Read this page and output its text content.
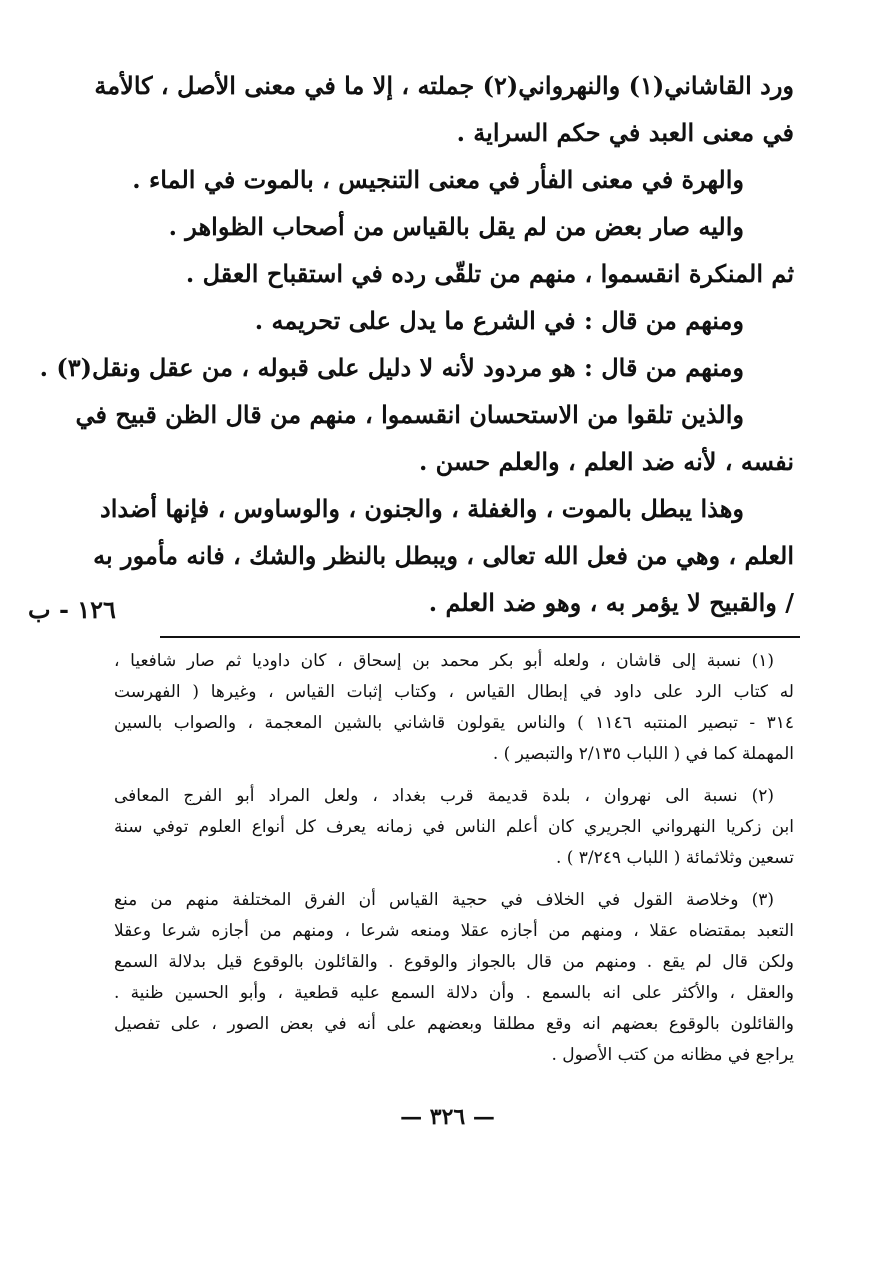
ورد القاشاني(١) والنهرواني(٢) جملته ، إلا ما في معنى الأصل ، كالأمة
في معنى العبد في حكم السراية .
والهرة في معنى الفأر في معنى التنجيس ، بالموت في الماء .
واليه صار بعض من لم يقل بالقياس من أصحاب الظواهر .
ثم المنكرة انقسموا ، منهم من تلقّى رده في استقباح العقل .
ومنهم من قال : في الشرع ما يدل على تحريمه .
ومنهم من قال : هو مردود لأنه لا دليل على قبوله ، من عقل ونقل(٣) .
والذين تلقوا من الاستحسان انقسموا ، منهم من قال الظن قبيح في
نفسه ، لأنه ضد العلم ، والعلم حسن .
وهذا يبطل بالموت ، والغفلة ، والجنون ، والوساوس ، فإنها أضداد
العلم ، وهي من فعل الله تعالى ، ويبطل بالنظر والشك ، فانه مأمور به
/ والقبيح لا يؤمر به ، وهو ضد العلم .
١٢٦ - ب
(١) نسبة إلى قاشان ، ولعله أبو بكر محمد بن إسحاق ، كان داوديا ثم صار شافعيا ،
له كتاب الرد على داود في إبطال القياس ، وكتاب إثبات القياس ، وغيرها ( الفهرست
٣١٤ - تبصير المنتبه ١١٤٦ ) والناس يقولون قاشاني بالشين المعجمة ، والصواب بالسين
المهملة كما في ( اللباب ٢/١٣٥ والتبصير ) .
(٢) نسبة الى نهروان ، بلدة قديمة قرب بغداد ، ولعل المراد أبو الفرج المعافى
ابن زكريا النهرواني الجريري كان أعلم الناس في زمانه يعرف كل أنواع العلوم توفي سنة
تسعين وثلاثمائة ( اللباب ٣/٢٤٩ ) .
(٣) وخلاصة القول في الخلاف في حجية القياس أن الفرق المختلفة منهم من منع
التعبد بمقتضاه عقلا ، ومنهم من أجازه عقلا ومنعه شرعا ، ومنهم من أجازه شرعا وعقلا
ولكن قال لم يقع . ومنهم من قال بالجواز والوقوع . والقائلون بالوقوع قيل بدلالة السمع
والعقل ، والأكثر على انه بالسمع . وأن دلالة السمع عليه قطعية ، وأبو الحسين ظنية .
والقائلون بالوقوع بعضهم انه وقع مطلقا وبعضهم على أنه في بعض الصور ، على تفصيل
يراجع في مظانه من كتب الأصول .
— ٣٢٦ —
